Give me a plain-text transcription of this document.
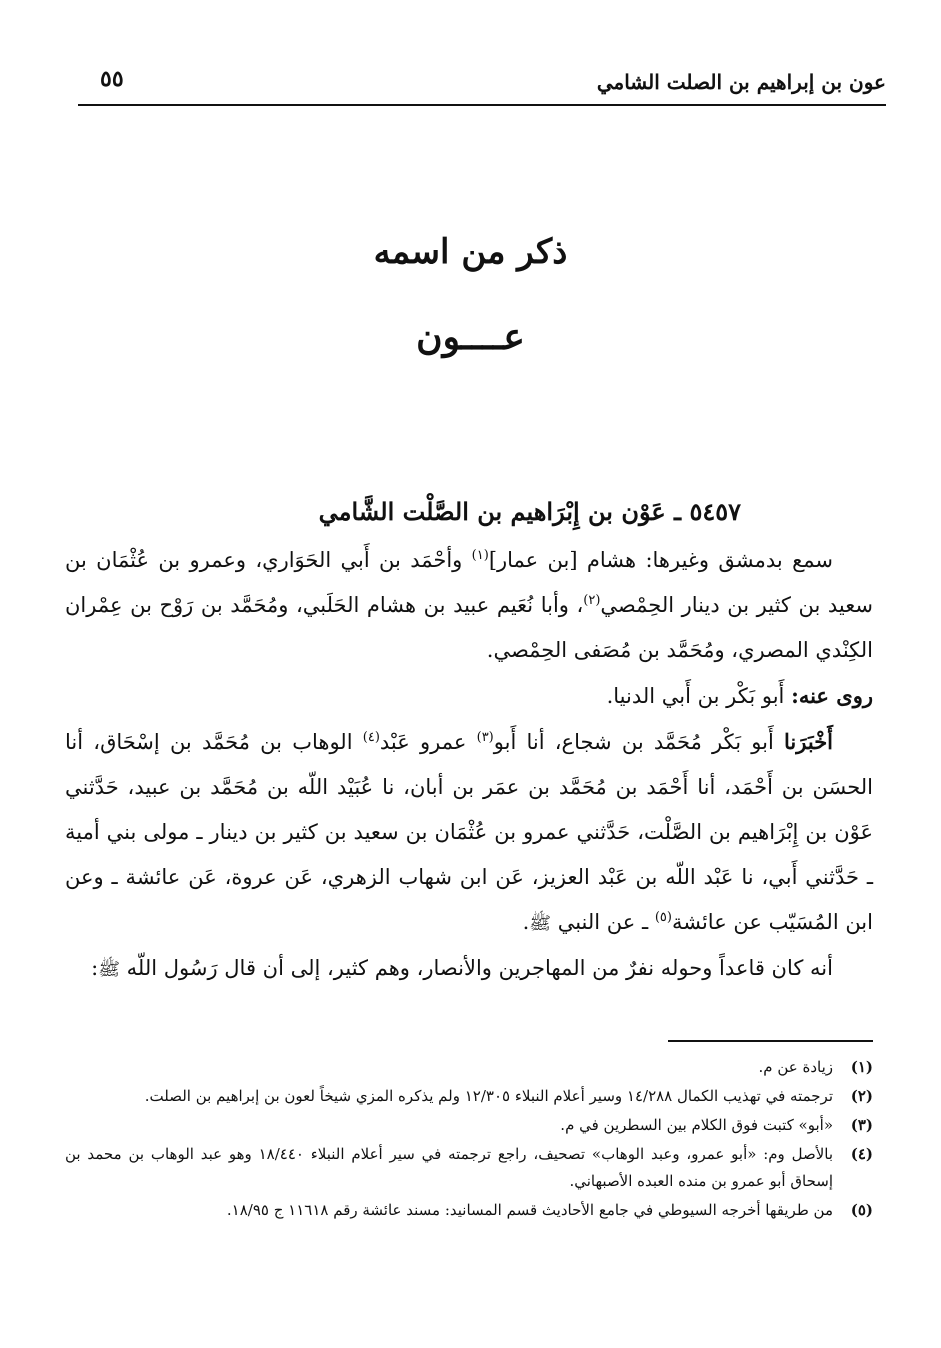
عون بن إبراهيم بن الصلت الشامي
٥٥
ذكر من اسمه
عــــون
٥٤٥٧ ـ عَوْن بن إِبْرَاهيم بن الصَّلْت الشَّامي

سمع بدمشق وغيرها: هشام [بن عمار]$^{(١)}$ وأحْمَد بن أَبي الحَوَاري، وعمرو بن عُثْمَان بن سعيد بن كثير بن دينار الحِمْصي$^{(٢)}$، وأبا نُعَيم عبيد بن هشام الحَلَبي، ومُحَمَّد بن رَوْح بن عِمْران الكِنْدي المصري، ومُحَمَّد بن مُصَفى الحِمْصي.

روى عنه: أَبو بَكْر بن أَبي الدنيا.

أَخْبَرَنا أَبو بَكْر مُحَمَّد بن شجاع، أنا أَبو$^{(٣)}$ عمرو عَبْد$^{(٤)}$ الوهاب بن مُحَمَّد بن إسْحَاق، أنا الحسَن بن أَحْمَد، أنا أَحْمَد بن مُحَمَّد بن عمَر بن أبان، نا عُبَيْد اللّه بن مُحَمَّد بن عبيد، حَدَّثني عَوْن بن إِبْرَاهيم بن الصَّلْت، حَدَّثني عمرو بن عُثْمَان بن سعيد بن كثير بن دينار ـ مولى بني أمية ـ حَدَّثني أَبي، نا عَبْد اللّه بن عَبْد العزيز، عَن ابن شهاب الزهري، عَن عروة، عَن عائشة ـ وعن ابن المُسَيّب عن عائشة$^{(٥)}$ ـ عن النبي ﷺ.

أنه كان قاعداً وحوله نفرٌ من المهاجرين والأنصار، وهم كثير، إلى أن قال رَسُول اللّه ﷺ:

(١)
زيادة عن م.
(٢)
ترجمته في تهذيب الكمال ١٤/٢٨٨ وسير أعلام النبلاء ١٢/٣٠٥ ولم يذكره المزي شيخاً لعون بن إبراهيم بن الصلت.
(٣)
«أبو» كتبت فوق الكلام بين السطرين في م.
(٤)
بالأصل وم: «أبو عمرو، وعبد الوهاب» تصحيف، راجع ترجمته في سير أعلام النبلاء ١٨/٤٤٠ وهو عبد الوهاب بن محمد بن إسحاق أبو عمرو بن منده العبده الأصبهاني.
(٥)
من طريقها أخرجه السيوطي في جامع الأحاديث قسم المسانيد: مسند عائشة رقم ١١٦١٨ ج ١٨/٩٥.
